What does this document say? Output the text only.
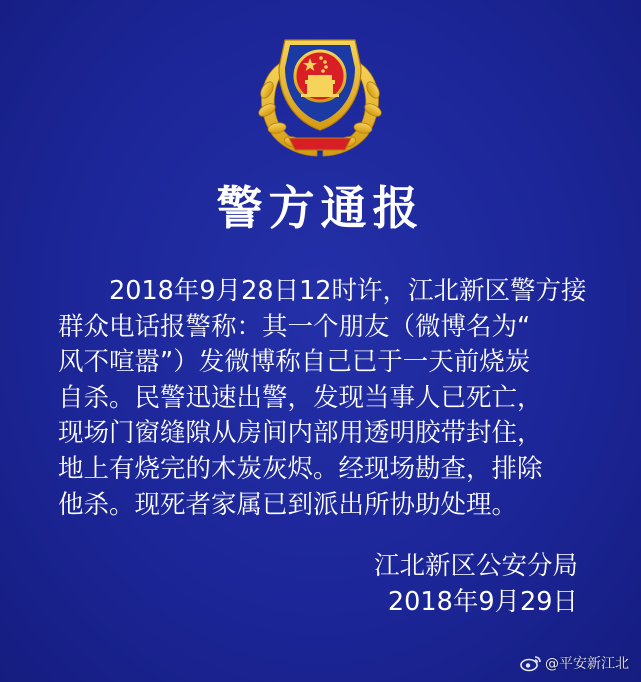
警方通报
2018年9月28日12时许，江北新区警方接
群众电话报警称：其一个朋友（微博名为“
风不喧嚣”）发微博称自己已于一天前烧炭
自杀。民警迅速出警，发现当事人已死亡，
现场门窗缝隙从房间内部用透明胶带封住，
地上有烧完的木炭灰烬。经现场勘查，排除
他杀。现死者家属已到派出所协助处理。
江北新区公安分局
2018年9月29日
@平安新江北
